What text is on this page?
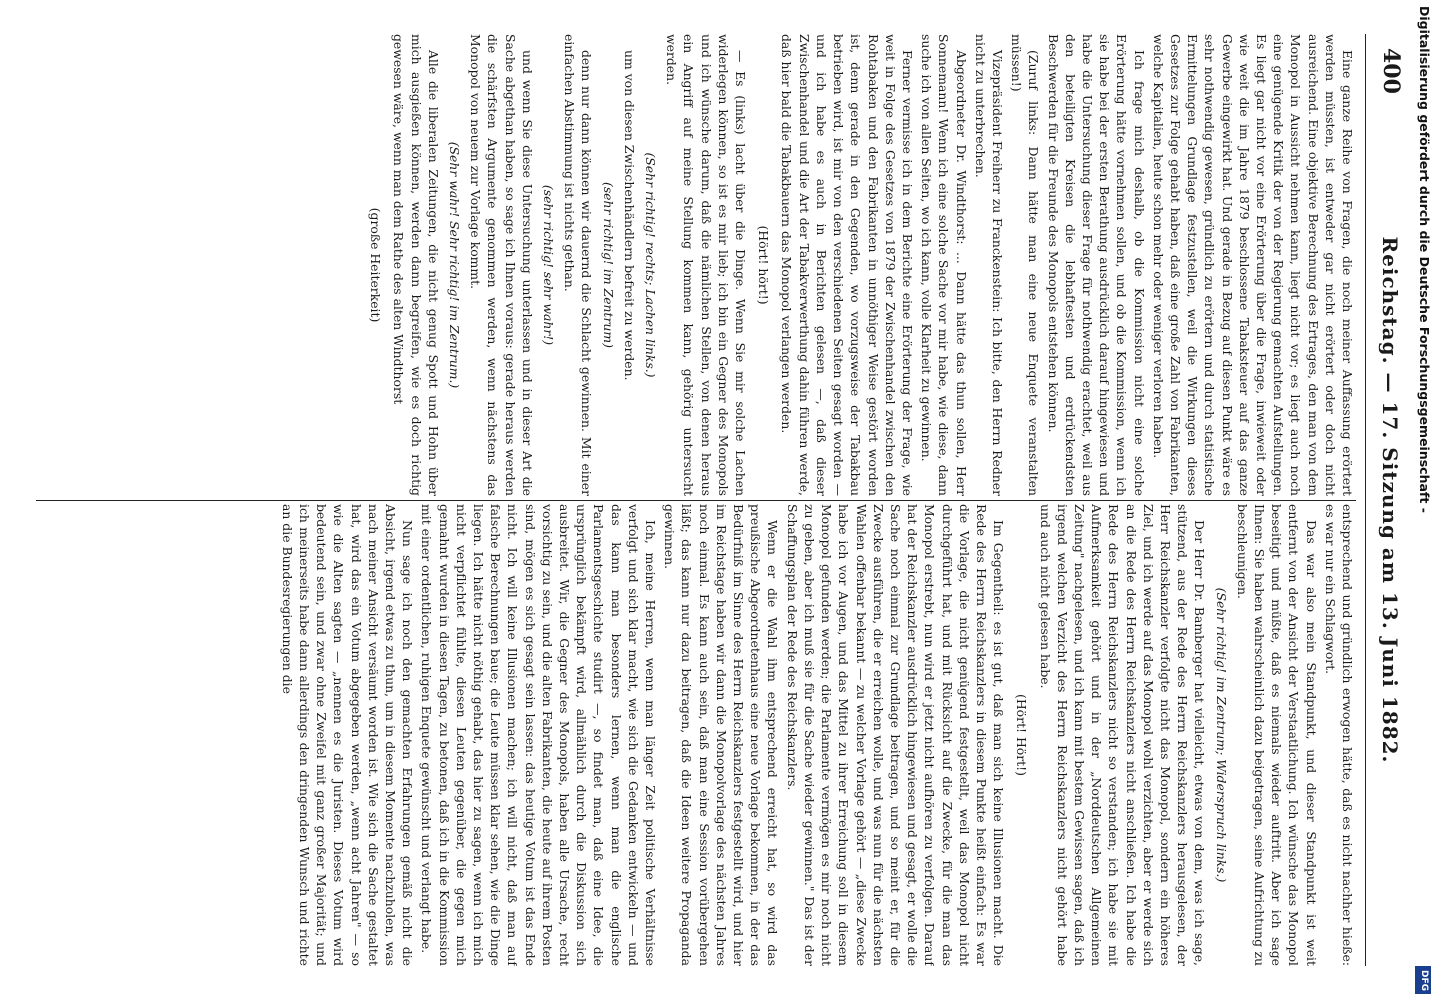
400
Reichstag. — 17. Sitzung am 13. Juni 1882.

Eine ganze Reihe von Fragen, die noch meiner Auffassung erörtert werden müssten, ist entweder gar nicht erörtert oder doch nicht ausreichend. Eine objektive Berechnung des Ertrages, den man von dem Monopol in Aussicht nehmen kann, liegt nicht vor; es liegt auch noch eine genügende Kritik der von der Regierung gemachten Aufstellungen. Es liegt gar nicht vor eine Erörterung über die Frage, inwieweit oder wie weit die im Jahre 1879 beschlossene Tabaksteuer auf das ganze Gewerbe eingewirkt hat. Und gerade in Bezug auf diesen Punkt wäre es sehr nothwendig gewesen, gründlich zu erörtern und durch statistische Ermittelungen Grundlage festzustellen, weil die Wirkungen dieses Gesetzes zur Folge gehabt haben, daß eine große Zahl von Fabrikanten, welche Kapitalien, heute schon mehr oder weniger verloren haben.

Ich frage mich deshalb, ob die Kommission nicht eine solche Erörterung hätte vornehmen sollen, und ob die Kommission, wenn ich sie habe bei der ersten Berathung ausdrücklich darauf hingewiesen und habe die Untersuchung dieser Frage für nothwendig erachtet, weil aus den beteiligten Kreisen die lebhaftesten und erdrückendsten Beschwerden für die Freunde des Monopols entstehen können.

(Zuruf links: Dann hätte man eine neue Enquete veranstalten müssen!)

Vizepräsident Freiherr zu Franckenstein: Ich bitte, den Herrn Redner nicht zu unterbrechen.

Abgeordneter Dr. Windthorst: ... Dann hätte das thun sollen, Herr Sonnemann! Wenn ich eine solche Sache vor mir habe, wie diese, dann suche ich von allen Seiten, wo ich kann, volle Klarheit zu gewinnen.

Ferner vermisse ich in dem Berichte eine Erörterung der Frage, wie weit in Folge des Gesetzes von 1879 der Zwischenhandel zwischen den Rohtabaken und den Fabrikanten in unnöthiger Weise gestört worden ist, denn gerade in den Gegenden, wo vorzugsweise der Tabakbau betrieben wird, ist mir von den verschiedenen Seiten gesagt worden — und ich habe es auch in Berichten gelesen —, daß dieser Zwischenhandel und die Art der Tabakverwerthung dahin führen werde, daß hier bald die Tabakbauern das Monopol verlangen werden.

(Hört! hört!)

— Es (links) lacht über die Dinge. Wenn Sie mir solche Lachen widerlegen können, so ist es mir lieb; ich bin ein Gegner des Monopols und ich wünsche darum, daß die nämlichen Stellen, von denen heraus ein Angriff auf meine Stellung kommen kann, gehörig untersucht werden.

(Sehr richtig! rechts; Lachen links.)

um von diesen Zwischenhändlern befreit zu werden.

(sehr richtig! im Zentrum)

denn nur dann können wir dauernd die Schlacht gewinnen. Mit einer einfachen Abstimmung ist nichts gethan.

(sehr richtig! sehr wahr!)

und wenn Sie diese Untersuchung unterlassen und in dieser Art die Sache abgethan haben, so sage ich Ihnen voraus: gerade heraus werden die schärfsten Argumente genommen werden, wenn nächstens das Monopol von neuem zur Vorlage kommt.

(Sehr wahr! Sehr richtig! im Zentrum.)

Alle die liberalen Zeitungen, die nicht genug Spott und Hohn über mich ausgießen können, werden dann begreifen, wie es doch richtig gewesen wäre, wenn man dem Rathe des alten Windthorst

(große Heiterkeit)

entsprechend und gründlich erwogen hätte, daß es nicht nachher hieße: es war nur ein Schlagwort.

Das war also mein Standpunkt, und dieser Standpunkt ist weit entfernt von der Ansicht der Verstaatlichung. Ich wünsche das Monopol beseitigt und müßte, daß es niemals wieder auftritt. Aber ich sage Ihnen: Sie haben wahrscheinlich dazu beigetragen, seine Aufrichtung zu beschleunigen.

(Sehr richtig! im Zentrum; Widerspruch links.)

Der Herr Dr. Bamberger hat vielleicht, etwas von dem, was ich sage, stützend, aus der Rede des Herrn Reichskanzlers herausgelesen, der Herr Reichskanzler verfolgte nicht das Monopol, sondern ein höheres Ziel, und ich werde auf das Monopol wohl verzichten, aber er werde sich an die Rede des Herrn Reichskanzlers nicht anschließen. Ich habe die Rede des Herrn Reichskanzlers nicht so verstanden; ich habe sie mit Aufmerksamkeit gehört und in der „Norddeutschen Allgemeinen Zeitung" nachgelesen, und ich kann mit bestem Gewissen sagen, daß ich irgend welchen Verzicht des Herrn Reichskanzlers nicht gehört habe und auch nicht gelesen habe.

(Hört! Hört!)

Im Gegentheil: es ist gut, daß man sich keine Illusionen macht. Die Rede des Herrn Reichskanzlers in diesem Punkte heißt einfach: Es war die Vorlage, die nicht genügend festgestellt, weil das Monopol nicht durchgeführt hat, und mit Rücksicht auf die Zwecke, für die man das Monopol erstrebt, nun wird er jetzt nicht aufhören zu verfolgen. Darauf hat der Reichskanzler ausdrücklich hingewiesen und gesagt, er wolle die Sache noch einmal zur Grundlage beitragen, und so meint er, für die Zwecke ausführen, die er erreichen wolle, und was nun für die nächsten Wahlen offenbar bekannt — zu welcher Vorlage gehört — „diese Zwecke habe ich vor Augen, und das Mittel zu ihrer Erreichung soll in diesem Monopol gefunden werden; die Parlamente vermögen es mir noch nicht zu geben, aber ich muß sie für die Sache wieder gewinnen." Das ist der Schaffungsplan der Rede des Reichskanzlers.

Wenn er die Wahl ihm entsprechend erreicht hat, so wird das preußische Abgeordnetenhaus eine neue Vorlage bekommen, in der das Bedürfniß im Sinne des Herrn Reichskanzlers festgestellt wird, und hier im Reichstage haben wir dann die Monopolvorlage des nächsten Jahres noch einmal. Es kann auch sein, daß man eine Session vorübergehen läßt; das kann nur dazu beitragen, daß die Ideen weitere Propaganda gewinnen.

Ich, meine Herren, wenn man länger Zeit politische Verhältnisse verfolgt und sich klar macht, wie sich die Gedanken entwickeln — und das kann man besonders lernen, wenn man die englische Parlamentsgeschichte studirt —, so findet man, daß eine Idee, die ursprünglich bekämpft wird, allmählich durch die Diskussion sich ausbreitet. Wir, die Gegner des Monopols, haben alle Ursache, recht vorsichtig zu sein, und die alten Fabrikanten, die heute auf ihrem Posten sind, mögen es sich gesagt sein lassen: das heutige Votum ist das Ende nicht. Ich will keine Illusionen machen; ich will nicht, daß man auf falsche Berechnungen baue; die Leute müssen klar sehen, wie die Dinge liegen. Ich hätte nicht nöthig gehabt, das hier zu sagen, wenn ich mich nicht verpflichtet fühlte, diesen Leuten gegenüber, die gegen mich gemahnt wurden in diesen Tagen, zu betonen, daß ich in die Kommission mit einer ordentlichen, ruhigen Enquete gewünscht und verlangt habe.

Nun sage ich noch den gemachten Erfahrungen gemäß nicht die Absicht, irgend etwas zu thun, um in diesem Momente nachzuholen, was nach meiner Ansicht versäumt worden ist. Wie sich die Sache gestaltet hat, wird das ein Votum abgegeben werden, „wenn acht Jahren" — so wie die Alten sagten — „nennen es die Juristen. Dieses Votum wird bedeutend sein, und zwar ohne Zweifel mit ganz großer Majorität; und ich meinerseits habe dann allerdings den dringenden Wunsch und richte an die Bundesregierungen die

Digitalisierung gefördert durch die Deutsche Forschungsgemeinschaft -
DFG
